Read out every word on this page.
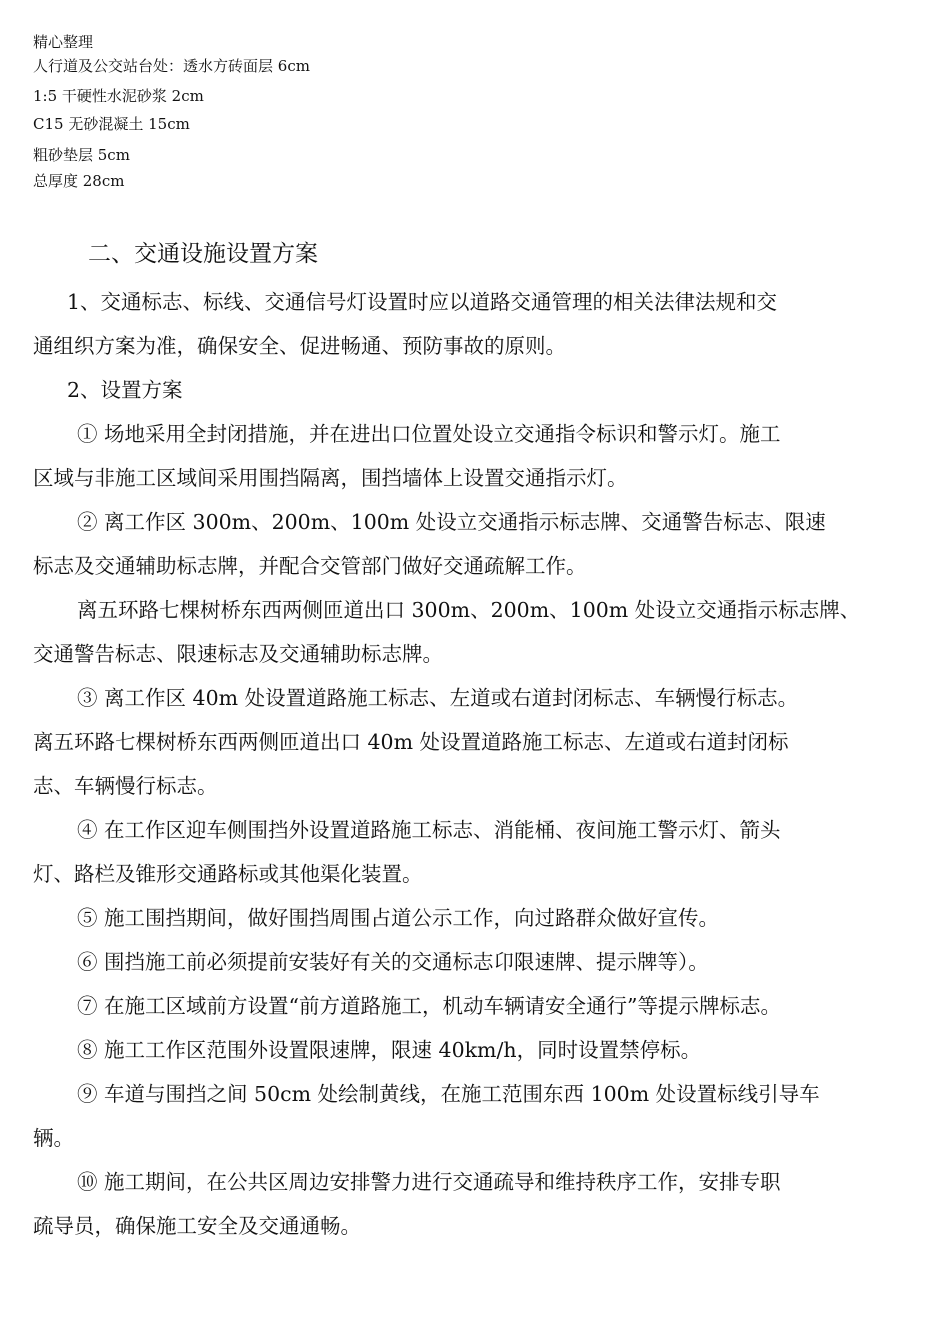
精心整理
人行道及公交站台处：透水方砖面层 6cm
1:5 干硬性水泥砂浆 2cm
C15 无砂混凝土 15cm
粗砂垫层 5cm
总厚度 28cm
二、交通设施设置方案
1、交通标志、标线、交通信号灯设置时应以道路交通管理的相关法律法规和交
通组织方案为准，确保安全、促进畅通、预防事故的原则。
2、设置方案
① 场地采用全封闭措施，并在进出口位置处设立交通指令标识和警示灯。施工
区域与非施工区域间采用围挡隔离，围挡墙体上设置交通指示灯。
② 离工作区 300m、200m、100m 处设立交通指示标志牌、交通警告标志、限速
标志及交通辅助标志牌，并配合交管部门做好交通疏解工作。
离五环路七棵树桥东西两侧匝道出口 300m、200m、100m 处设立交通指示标志牌、
交通警告标志、限速标志及交通辅助标志牌。
③ 离工作区 40m 处设置道路施工标志、左道或右道封闭标志、车辆慢行标志。
离五环路七棵树桥东西两侧匝道出口 40m 处设置道路施工标志、左道或右道封闭标
志、车辆慢行标志。
④ 在工作区迎车侧围挡外设置道路施工标志、消能桶、夜间施工警示灯、箭头
灯、路栏及锥形交通路标或其他渠化装置。
⑤ 施工围挡期间，做好围挡周围占道公示工作，向过路群众做好宣传。
⑥ 围挡施工前必须提前安装好有关的交通标志卬限速牌、提示牌等）。
⑦ 在施工区域前方设置“前方道路施工，机动车辆请安全通行”等提示牌标志。
⑧ 施工工作区范围外设置限速牌，限速 40km/h，同时设置禁停标。
⑨ 车道与围挡之间 50cm 处绘制黄线，在施工范围东西 100m 处设置标线引导车
辆。
⑩ 施工期间，在公共区周边安排警力进行交通疏导和维持秩序工作，安排专职
疏导员，确保施工安全及交通通畅。
